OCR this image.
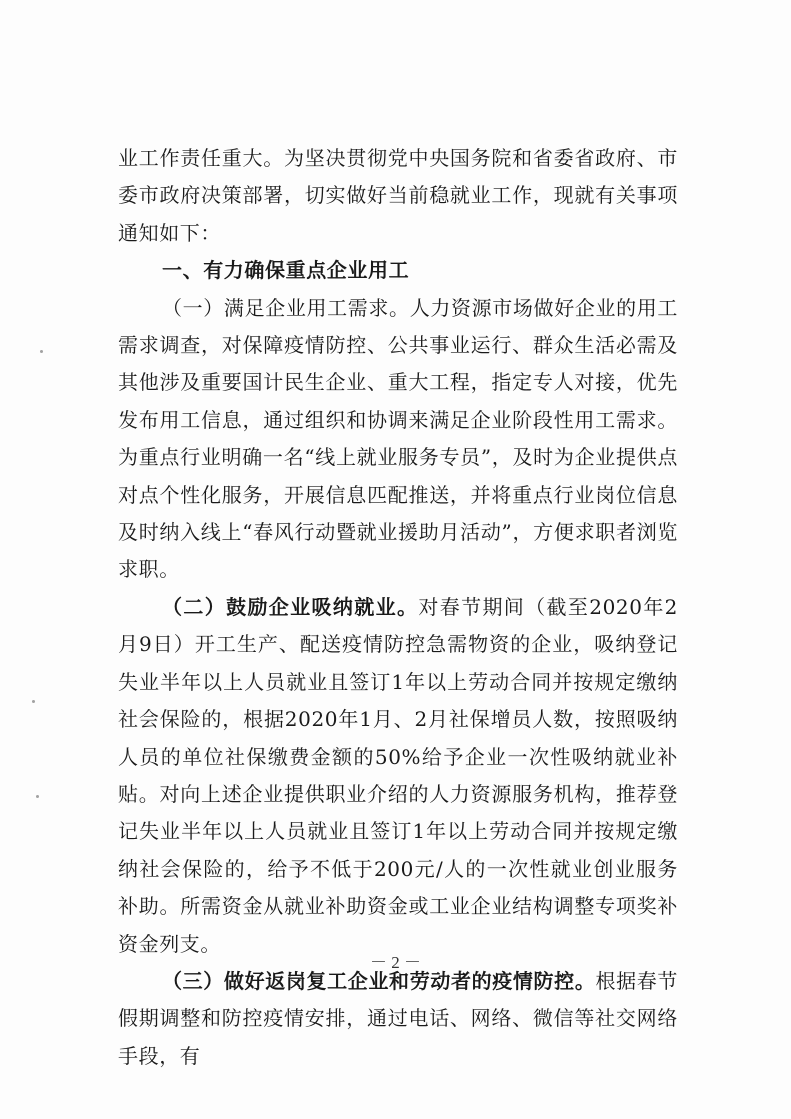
业工作责任重大。为坚决贯彻党中央国务院和省委省政府、市委市政府决策部署，切实做好当前稳就业工作，现就有关事项通知如下：

一、有力确保重点企业用工

（一）满足企业用工需求。人力资源市场做好企业的用工需求调查，对保障疫情防控、公共事业运行、群众生活必需及其他涉及重要国计民生企业、重大工程，指定专人对接，优先发布用工信息，通过组织和协调来满足企业阶段性用工需求。为重点行业明确一名“线上就业服务专员”，及时为企业提供点对点个性化服务，开展信息匹配推送，并将重点行业岗位信息及时纳入线上“春风行动暨就业援助月活动”，方便求职者浏览求职。

（二）鼓励企业吸纳就业。对春节期间（截至2020年2月9日）开工生产、配送疫情防控急需物资的企业，吸纳登记失业半年以上人员就业且签订1年以上劳动合同并按规定缴纳社会保险的，根据2020年1月、2月社保增员人数，按照吸纳人员的单位社保缴费金额的50%给予企业一次性吸纳就业补贴。对向上述企业提供职业介绍的人力资源服务机构，推荐登记失业半年以上人员就业且签订1年以上劳动合同并按规定缴纳社会保险的，给予不低于200元/人的一次性就业创业服务补助。所需资金从就业补助资金或工业企业结构调整专项奖补资金列支。

（三）做好返岗复工企业和劳动者的疫情防控。根据春节假期调整和防控疫情安排，通过电话、网络、微信等社交网络手段，有

－ 2 －
